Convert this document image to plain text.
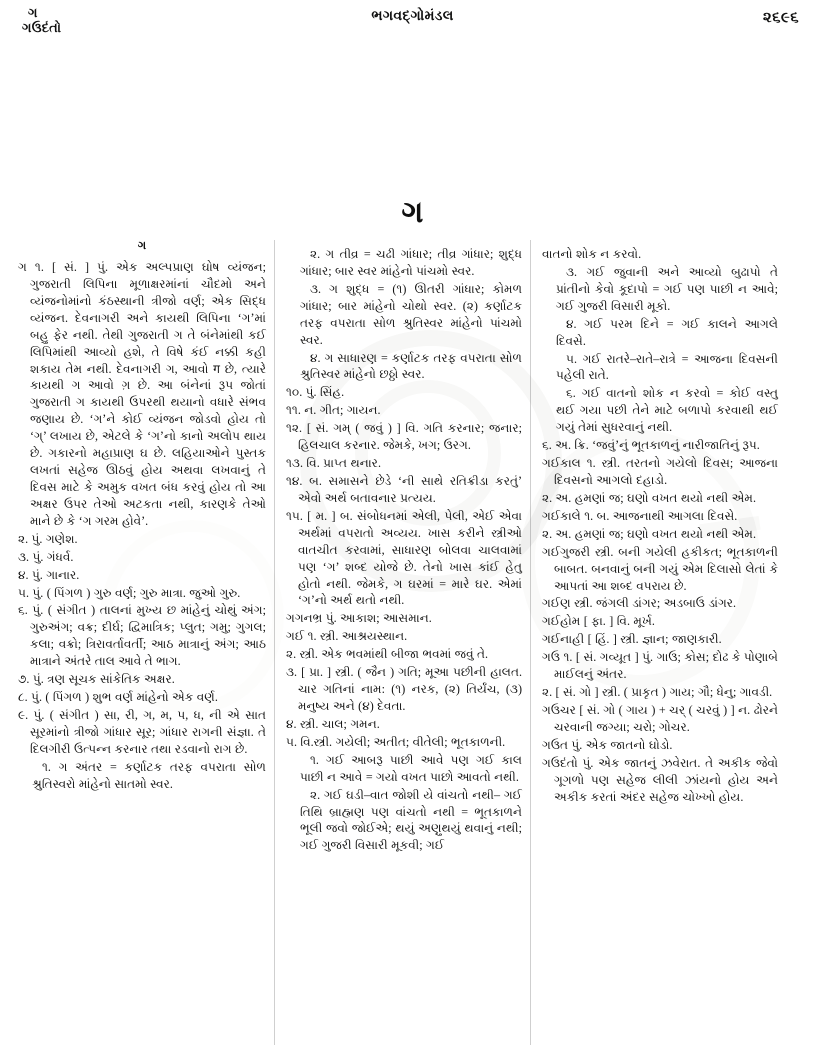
ગ
ગઉદંતો
ભગવદ્ગોમંડલ	૨૬૯૬
ગ
ગ

ગ ૧. [ સં. ] પું. એક અલ્પપ્રાણ ઘોષ વ્યંજન; ગુજરાતી લિપિના મૂળાક્ષરમાંનાં ચૌદમો અને વ્યંજનોમાંનો કંઠસ્થાની ત્રીજો વર્ણ; એક સિદ્ધ વ્યંજન. દેવનાગરી અને કાયથી લિપિના ‘ગ’માં બહુ ફેર નથી. તેથી ગુજરાતી ગ તે બંનેમાંથી કઈ લિપિમાંથી આવ્યો હશે, તે વિષે કંઈ નક્કી કહી શકાય તેમ નથી. દેવનાગરી ગ, આવો ग છે, ત્યારે કાયથી ગ આવો ગ઼ છે. આ બંનેનાં રૂપ જોતાં ગુજરાતી ગ કાયથી ઉપરથી થયાનો વધારે સંભવ જણાય છે. ‘ગ’ને કોઈ વ્યંજન જોડવો હોય તો ‘ગ્’ લખાય છે, એટલે કે ‘ગ’નો કાનો અલોપ થાય છે. ગકારનો મહાપ્રાણ ઘ છે. લહિયાઓને પુસ્તક લખતાં સહેજ ઊઠવું હોય અથવા લખવાનું તે દિવસ માટે કે અમુક વખત બંધ કરવું હોય તો આ અક્ષર ઉપર તેઓ અટકતા નથી, કારણકે તેઓ માને છે કે ‘ગ ગરમ હોવે’.

૨. પું. ગણેશ.

૩. પું. ગંધર્વ.

૪. પું. ગાનાર.

૫. પું. ( પિંગળ ) ગુરુ વર્ણ; ગુરુ માત્રા. જુઓ ગુરુ.

૬. પું. ( સંગીત ) તાલનાં મુખ્ય છ માંહેનું ચોથું અંગ; ગુરુઅંગ; વક્ર; દીર્ઘ; દ્વિમાત્રિક; પ્લુત; ગમુ; ગુગલ; કલા; વક્રો; ત્રિરાવર્તાવર્તી; આઠ માત્રાનું અંગ; આઠ માત્રાને અંતરે તાલ આવે તે ભાગ.

૭. પું. ત્રણ સૂચક સાંકેતિક અક્ષર.

૮. પું. ( પિંગળ ) શુભ વર્ણ માંહેનો એક વર્ણ.

૯. પું. ( સંગીત ) સા, રી, ગ, મ, પ, ધ, ની એ સાત સૂરમાંનો ત્રીજો ગાંધાર સૂર; ગાંધાર રાગની સંજ્ઞા. તે દિલગીરી ઉત્પન્ન કરનાર તથા રડવાનો રાગ છે.

૧. ગ અંતર = કર્ણાટક તરફ વપરાતા સોળ શ્રુતિસ્વરો માંહેનો સાતમો સ્વર.

૨. ગ તીવ્ર = ચઢી ગાંધાર; તીવ્ર ગાંધાર; શુદ્ધ ગાંધાર; બાર સ્વર માંહેનો પાંચમો સ્વર.

૩. ગ શુદ્ધ = (૧) ઊતરી ગાંધાર; કોમળ ગાંધાર; બાર માંહેનો ચોથો સ્વર. (૨) કર્ણાટક તરફ વપરાતા સોળ શ્રુતિસ્વર માંહેનો પાંચમો સ્વર.

૪. ગ સાધારણ = કર્ણાટક તરફ વપરાતા સોળ શ્રુતિસ્વર માંહેનો છઠ્ઠો સ્વર.

૧૦. પું. સિંહ.

૧૧. ન. ગીત; ગાયન.

૧૨. [ સં. ગમ્ ( જવું ) ] વિ. ગતિ કરનાર; જનાર; હિલચાલ કરનાર. જેમકે, ખગ; ઉરગ.

૧૩. વિ. પ્રાપ્ત થનાર.

૧૪. બ. સમાસને છેડે ‘ની સાથે રતિક્રીડા કરતું’ એવો અર્થ બતાવનાર પ્રત્યય.

૧૫. [ મ. ] બ. સંબોધનમાં એલી, પેલી, એઈ એવા અર્થમાં વપરાતો અવ્યય. ખાસ કરીને સ્ત્રીઓ વાતચીત કરવામાં, સાધારણ બોલવા ચાલવામાં પણ ‘ગ’ શબ્દ યોજે છે. તેનો ખાસ કાંઈ હેતુ હોતો નથી. જેમકે, ગ ઘરમાં = મારે ઘર. એમાં ‘ગ’નો અર્થ થતો નથી.

ગગનભ્ર પું. આકાશ; આસમાન.

ગઈ ૧. સ્ત્રી. આશ્રયસ્થાન.

૨. સ્ત્રી. એક ભવમાંથી બીજા ભવમાં જવું તે.

૩. [ પ્રા. ] સ્ત્રી. ( જૈન ) ગતિ; મૂઆ પછીની હાલત. ચાર ગતિનાં નામ: (૧) નરક, (૨) તિર્યંચ, (૩) મનુષ્ય અને (૪) દેવતા.

૪. સ્ત્રી. ચાલ; ગમન.

૫. વિ.સ્ત્રી. ગયેલી; અતીત; વીતેલી; ભૂતકાળની.

૧. ગઈ આબરૂ પાછી આવે પણ ગઈ કાલ પાછી ન આવે = ગયો વખત પાછો આવતો નથી.

૨. ગઈ ઘડી–વાત જોશી યે વાંચતો નથી– ગઈ તિથિ બ્રાહ્મણ પણ વાંચતો નથી = ભૂતકાળને ભૂલી જવો જોઈએ; થયું અણુથયું થવાનું નથી; ગઈ ગુજરી વિસારી મૂકવી; ગઈ

વાતનો શોક ન કરવો.

૩. ગઈ જુવાની અને આવ્યો બુઢાપો તે પ્રાંતીનો કેવો કૂદાપો = ગઈ પણ પાછી ન આવે; ગઈ ગુજરી વિસારી મૂકો.

૪. ગઈ પરમ દિને = ગઈ કાલને આગલે દિવસે.

૫. ગઈ રાતરે–રાતે–રાત્રે = આજના દિવસની પહેલી રાતે.

૬. ગઈ વાતનો શોક ન કરવો = કોઈ વસ્તુ થઈ ગયા પછી તેને માટે બળાપો કરવાથી થઈ ગયું તેમાં સુધરવાનું નથી.

૬. અ. ક્રિ. ‘જવું’નું ભૂતકાળનું નારીજાતિનું રૂપ.

ગઈકાલ ૧. સ્ત્રી. તરતનો ગયેલો દિવસ; આજના દિવસનો આગલો દહાડો.

૨. અ. હમણાં જ; ઘણો વખત થયો નથી એમ.

ગઈકાલે ૧. બ. આજનાથી આગલા દિવસે.

૨. અ. હમણાં જ; ઘણો વખત થયો નથી એમ.

ગઈગુજરી સ્ત્રી. બની ગયેલી હકીકત; ભૂતકાળની બાબત. બનવાનું બની ગયું એમ દિલાસો લેતાં કે આપતાં આ શબ્દ વપરાય છે.

ગઈણ સ્ત્રી. જંગલી ડાંગર; અડબાઉ ડાંગર.

ગઈહોમ [ ફા. ] વિ. મૂર્ખ.

ગઈનાહી [ હિં. ] સ્ત્રી. જ્ઞાન; જાણકારી.

ગઉ ૧. [ સં. ગવ્યૂત ] પું. ગાઉ; કોસ; દોઢ કે પોણાબે માઈલનું અંતર.

૨. [ સં. ગો ] સ્ત્રી. ( પ્રાકૃત ) ગાય; ગૌ; ધેનુ; ગાવડી.

ગઉચર [ સં. ગો ( ગાય ) + ચર્ ( ચરવું ) ] ન. ઢોરને ચરવાની જગ્યા; ચરો; ગોચર.

ગઉત પું. એક જાતનો ઘોડો.

ગઉદંતો પું. એક જાતનું ઝવેરાત. તે અકીક જેવો ગૂગળો પણ સહેજ લીલી ઝાંયનો હોય અને અકીક કરતાં અંદર સહેજ ચોખ્ખો હોય.
